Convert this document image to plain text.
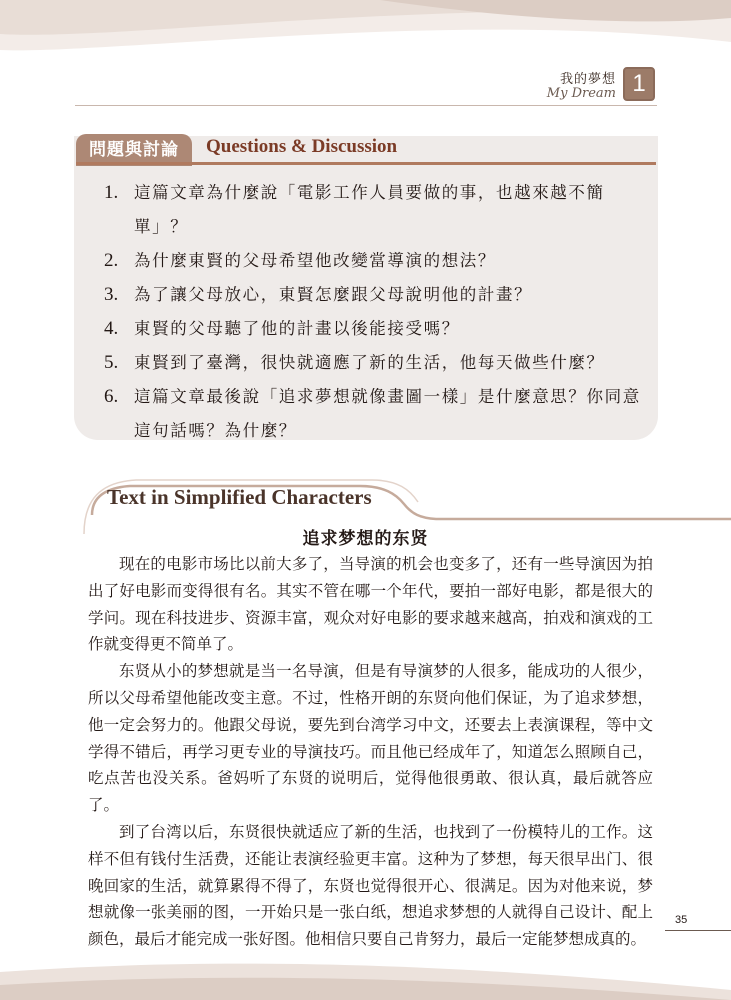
我的夢想
My Dream 1
問題與討論	Questions & Discussion
1. 這篇文章為什麼說「電影工作人員要做的事，也越來越不簡單」？
2. 為什麼東賢的父母希望他改變當導演的想法？
3. 為了讓父母放心，東賢怎麼跟父母說明他的計畫？
4. 東賢的父母聽了他的計畫以後能接受嗎？
5. 東賢到了臺灣，很快就適應了新的生活，他每天做些什麼？
6. 這篇文章最後說「追求夢想就像畫圖一樣」是什麼意思？你同意這句話嗎？為什麼？
Text in Simplified Characters
追求梦想的东贤

现在的电影市场比以前大多了，当导演的机会也变多了，还有一些导演因为拍出了好电影而变得很有名。其实不管在哪一个年代，要拍一部好电影，都是很大的学问。现在科技进步、资源丰富，观众对好电影的要求越来越高，拍戏和演戏的工作就变得更不简单了。

东贤从小的梦想就是当一名导演，但是有导演梦的人很多，能成功的人很少，所以父母希望他能改变主意。不过，性格开朗的东贤向他们保证，为了追求梦想，他一定会努力的。他跟父母说，要先到台湾学习中文，还要去上表演课程，等中文学得不错后，再学习更专业的导演技巧。而且他已经成年了，知道怎么照顾自己，吃点苦也没关系。爸妈听了东贤的说明后，觉得他很勇敢、很认真，最后就答应了。

到了台湾以后，东贤很快就适应了新的生活，也找到了一份模特儿的工作。这样不但有钱付生活费，还能让表演经验更丰富。这种为了梦想，每天很早出门、很晚回家的生活，就算累得不得了，东贤也觉得很开心、很满足。因为对他来说，梦想就像一张美丽的图，一开始只是一张白纸，想追求梦想的人就得自己设计、配上颜色，最后才能完成一张好图。他相信只要自己肯努力，最后一定能梦想成真的。

35
